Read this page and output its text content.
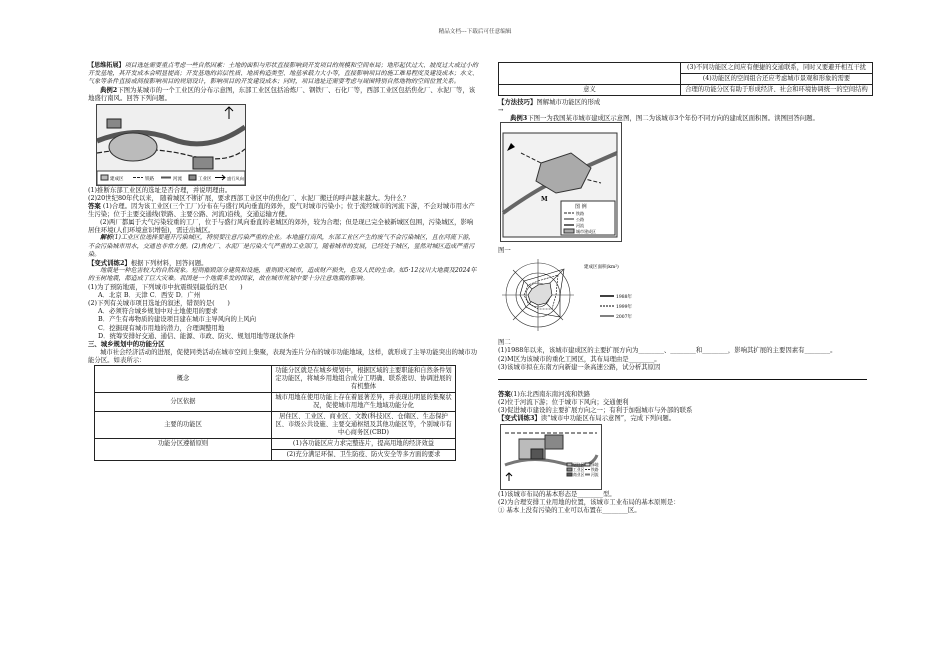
精品文档---下载后可任意编辑

【思维拓展】项目选址需要重点考虑一些自然因素：土地的面积与形状直接影响到开发项目的规模和空间布局；地形起伏过大、坡度过大或过小的开发基地，其开发成本会明显提高；开发基地的岩层性质、地质构造类型、地基承载力大小等，直接影响项目的施工难易程度及建设成本；水文、气象等条件直接或间接影响项目的规划设计，影响项目的开发建设成本；同时，项目选址还需要考虑与周围特别自然地物的空间位置关系。

典例2下图为某城市的一个工业区的分布示意图，东部工业区包括冶炼厂、钢铁厂、石化厂等，西部工业区包括焦化厂、水泥厂等，该地盛行南风。回答下列问题。

建成区	铁路	河流	工业区	盛行风向

(1)推断东部工业区的选址是否合理，并说明理由。

(2)20世纪80年代以来， 随着城区不断扩展，要求西部工业区中的焦化厂、水泥厂搬迁的呼声越来越大。为什么？

答案 (1)合理。因为该工业区(三个工厂)分布在与盛行风向垂直的郊外，废气对城市污染小；位于流经城市的河流下游，不会对城市用水产生污染；位于主要交通线(铁路、主要公路、河流)沿线，交通运输方便。

(2)两厂都属于大气污染较重的工厂，位于与盛行风向垂直的老城区的郊外，较为合理；但是现已完全被新城区包围，污染城区，影响居住环境(人们环境意识增强)，需迁出城区。

解析(1)工业区位选择要避开污染城区，特别要注意污染严重的企业。本地盛行南风，东部工业区产生的废气不会污染城区，且在河流下游，不会污染城市用水，交通也非常方便。(2)焦化厂、水泥厂是污染大气严重的工业部门，随着城市的发展，已经处于城区，显然对城区造成严重污染。

【变式训练2】根据下列材料，回答问题。

地震是一种危害较大的自然现象。短则摧毁部分建筑和设施，重则毁灭城市，造成财产损失，危及人民的生命。如5·12汶川大地震及2024年的玉树地震，都造成了巨大灾难。我国是一个地震多发的国家，故在城市规划中要十分注意地震的影响。

(1)为了预防地震，下列城市中抗震级别最低的是(　　)

A．北京 B．天津 C．西安 D．广州

(2)下列有关城市项目选址的叙述，错误的是(　　)

A．必须符合城乡规划中对土地使用的要求

B．产生有毒物质的建设项目建在城市主导风向的上风向

C．挖掘现有城市用地的潜力，合理调整用地

D．统筹安排好交通、通信、能源、市政、防灾、规划用地等现状条件

三、城乡规划中的功能分区

城市社会经济活动的进展，促使同类活动在城市空间上集聚，表现为连片分布的城市功能地域，这样，就形成了主导功能突出的城市功能分区。如表所示：

概念	功能分区就是在城乡规划中，根据区域的主要职能和自然条件划定功能区，将城乡用地组合成分工明确、联系密切、协调进展的有机整体
分区依据	城市用地在使用功能上存在着显著差异，并表现出明显的集聚状况，促使城市用地产生地域功能分化
主要的功能区	居住区、工业区、商业区、文教(科技)区、仓储区、生态保护区、市级公共设施、主要交通枢纽及其他功能区等，个别城市有中心商务区(CBD)
功能分区遵循原则	(1)各功能区应力求完整连片，提高用地的经济效益
	(2)充分满足环保、卫生防疫、防火安全等多方面的要求
	(3)不同功能区之间应有便捷的交通联系，同时又要避开相互干扰
	(4)功能区的空间组合还应考虑城市景观和形象的需要
意义	合理的功能分区有助于形成经济、社会和环境协调统一的空间结构

【方法技巧】图解城市功能区的形成

→

典例3下图一为我国某市城市建成区示意图，图二为该城市3个年份不同方向的建成区面积图。读图回答问题。

M
图 例
铁路
公路
河流
城市建成区

图一

建成区面积(km²)
1988年
1999年
2007年

图二

(1)1988年以来，该城市建成区的主要扩展方向为________、________和________，影响其扩展的主要因素有________。

(2)M区为该城市的重化工园区，其布局理由是________。

(3)该城市拟在东南方向新建一条高速公路，试分析其原因

答案(1)东北西南东南河流和铁路

(2)位于河流下游；位于城市下风向；交通便利

(3)促进城市建设的主要扩展方向之一；有利于加强城市与外部的联系

【变式训练3】读“城市中功能区布局示意图”，完成下列问题。

居住区
工业区
商业区
绿地
铁路
河流

(1)该城市布局的基本形态是________型。

(2)为合理安排工业用地的位置，该城市工业布局的基本原则是：

① 基本上没有污染的工业可以布置在________区。
